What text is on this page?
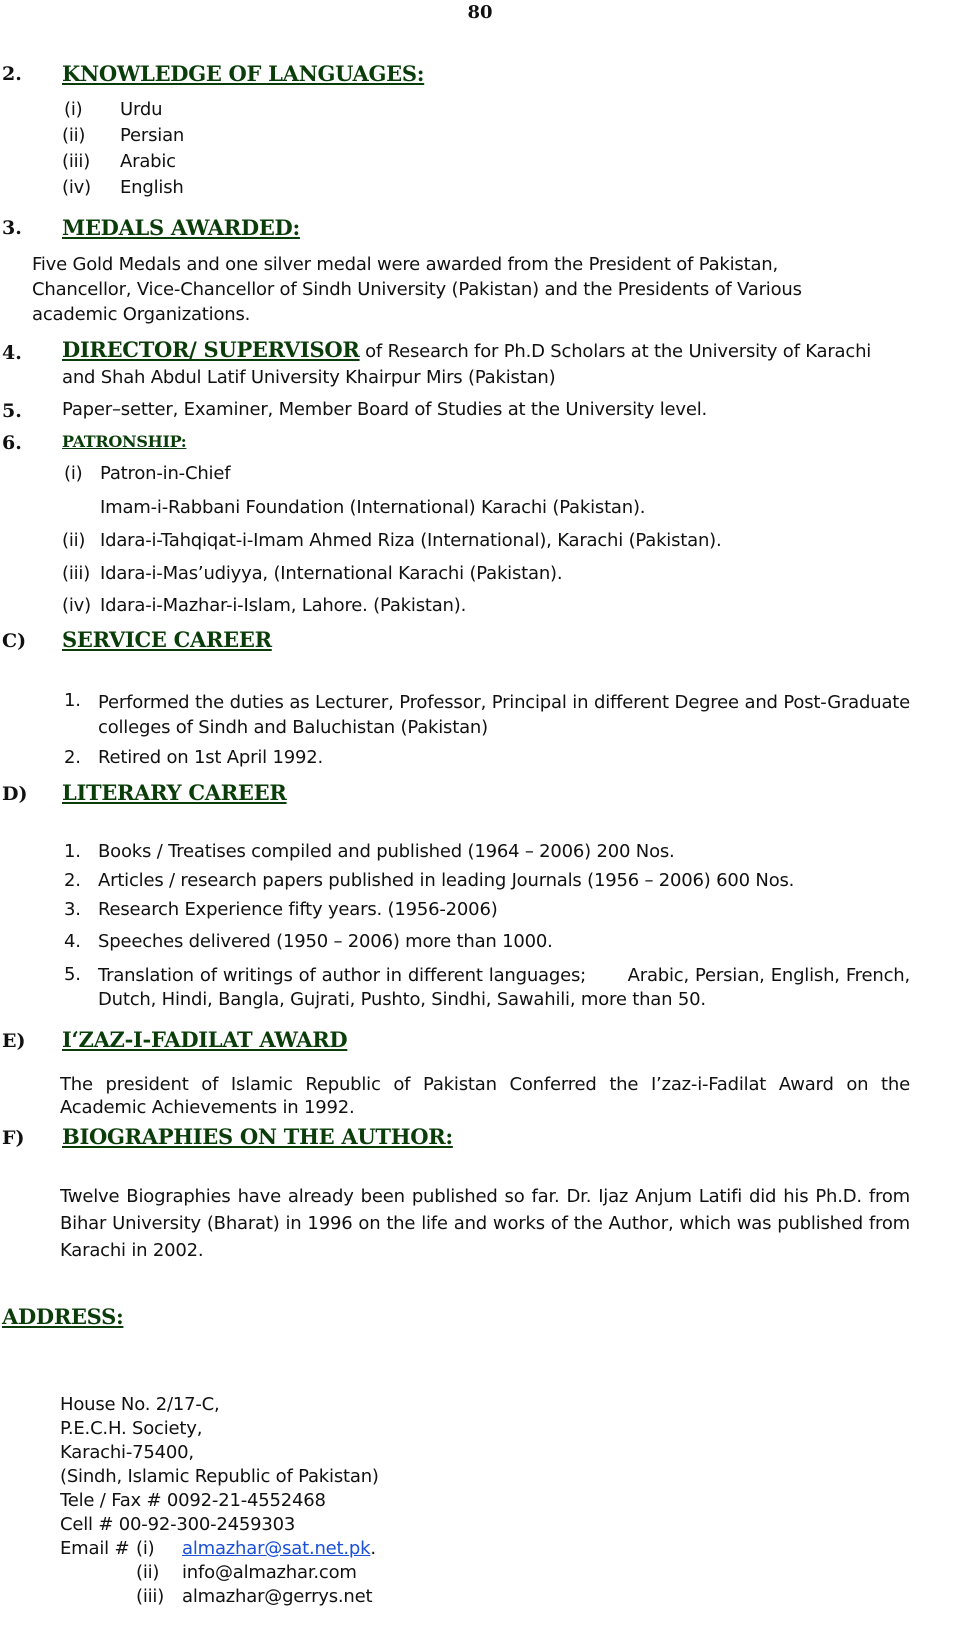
80
2. KNOWLEDGE OF LANGUAGES:
(i) Urdu
(ii) Persian
(iii) Arabic
(iv) English
3. MEDALS AWARDED:
Five Gold Medals and one silver medal were awarded from the President of Pakistan, Chancellor, Vice-Chancellor of Sindh University (Pakistan) and the Presidents of Various academic Organizations.
4. DIRECTOR/ SUPERVISOR of Research for Ph.D Scholars at the University of Karachi
and Shah Abdul Latif University Khairpur Mirs (Pakistan)
5. Paper–setter, Examiner, Member Board of Studies at the University level.
6.	PATRONSHIP:
(i) Patron-in-Chief
Imam-i-Rabbani Foundation (International) Karachi (Pakistan).
(ii) Idara-i-Tahqiqat-i-Imam Ahmed Riza (International), Karachi (Pakistan).
(iii) Idara-i-Mas’udiyya, (International Karachi (Pakistan).
(iv) Idara-i-Mazhar-i-Islam, Lahore. (Pakistan).
C) SERVICE CAREER
1. Performed the duties as Lecturer, Professor, Principal in different Degree and Post-Graduate colleges of Sindh and Baluchistan (Pakistan)
2. Retired on 1st April 1992.
D) LITERARY CAREER
1. Books / Treatises compiled and published (1964 – 2006) 200 Nos.
2. Articles / research papers published in leading Journals (1956 – 2006) 600 Nos.
3. Research Experience fifty years. (1956-2006)
4. Speeches delivered (1950 – 2006) more than 1000.
5. Translation of writings of author in different languages;   Arabic, Persian, English, French, Dutch, Hindi, Bangla, Gujrati, Pushto, Sindhi, Sawahili, more than 50.
E) I‘ZAZ-I-FADILAT AWARD
The president of Islamic Republic of Pakistan Conferred the I’zaz-i-Fadilat Award on the Academic Achievements in 1992.
F) BIOGRAPHIES ON THE AUTHOR:
Twelve Biographies have already been published so far. Dr. Ijaz Anjum Latifi did his Ph.D. from Bihar University (Bharat) in 1996 on the life and works of the Author, which was published from Karachi in 2002.
ADDRESS:
House No. 2/17-C,
P.E.C.H. Society,
Karachi-75400,
(Sindh, Islamic Republic of Pakistan)
Tele / Fax # 0092-21-4552468
Cell # 00-92-300-2459303
Email # (i) almazhar@sat.net.pk.
(ii) info@almazhar.com
(iii) almazhar@gerrys.net
